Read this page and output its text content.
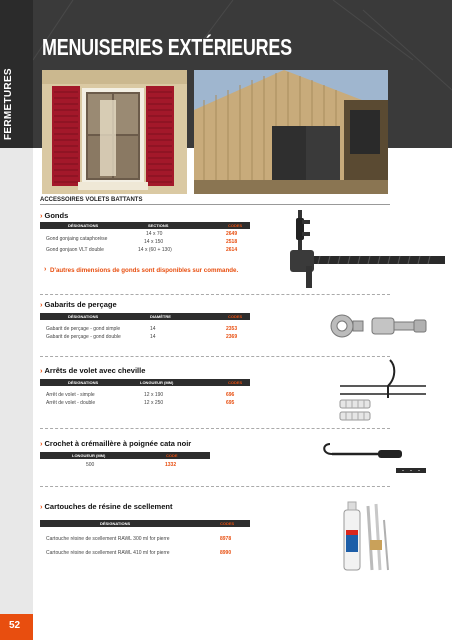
FERMETURES
MENUISERIES EXTÉRIEURES
ACCESSOIRES VOLETS BATTANTS
› Gonds
DÉSIGNATIONS	SECTIONS	CODES
Gond gonjaing cataphorèse
14 x 70	2649
14 x 150	2518
Gond gonjaon VLT double	14 x (60 + 130)	2614
› D'autres dimensions de gonds sont disponibles sur commande.
› Gabarits de perçage
DÉSIGNATIONS	DIAMÈTRE	CODES
Gabarit de perçage - gond simple	14	2353
Gabarit de perçage - gond double	14	2369
› Arrêts de volet avec cheville
DÉSIGNATIONS	LONGUEUR (MM)	CODES
Arrêt de volet - simple	12 x 190	696
Arrêt de volet - double	12 x 250	695
› Crochet à crémaillère à poignée cata noir
LONGUEUR (MM)	CODE
500	1332
› Cartouches de résine de scellement
DÉSIGNATIONS	CODES
Cartouche résine de scellement RAWL 300 ml for pierre	8978
Cartouche résine de scellement RAWL 410 ml for pierre	8990
52
